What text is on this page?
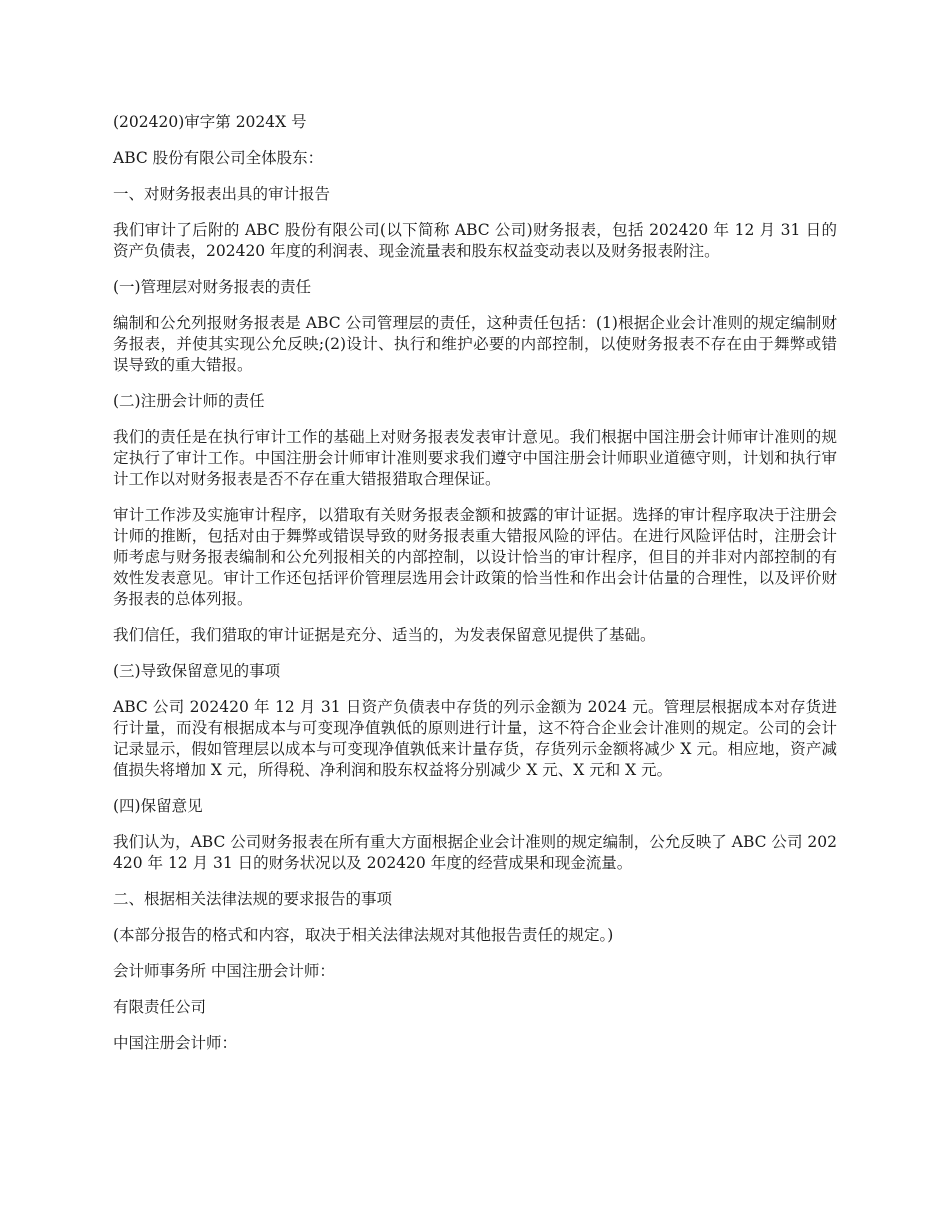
(202420)审字第 2024X 号

ABC 股份有限公司全体股东：

一、对财务报表出具的审计报告

我们审计了后附的 ABC 股份有限公司(以下简称 ABC 公司)财务报表，包括 202420 年 12 月 31 日的资产负债表，202420 年度的利润表、现金流量表和股东权益变动表以及财务报表附注。

(一)管理层对财务报表的责任

编制和公允列报财务报表是 ABC 公司管理层的责任，这种责任包括：(1)根据企业会计准则的规定编制财务报表，并使其实现公允反映;(2)设计、执行和维护必要的内部控制，以使财务报表不存在由于舞弊或错误导致的重大错报。

(二)注册会计师的责任

我们的责任是在执行审计工作的基础上对财务报表发表审计意见。我们根据中国注册会计师审计准则的规定执行了审计工作。中国注册会计师审计准则要求我们遵守中国注册会计师职业道德守则，计划和执行审计工作以对财务报表是否不存在重大错报猎取合理保证。

审计工作涉及实施审计程序，以猎取有关财务报表金额和披露的审计证据。选择的审计程序取决于注册会计师的推断，包括对由于舞弊或错误导致的财务报表重大错报风险的评估。在进行风险评估时，注册会计师考虑与财务报表编制和公允列报相关的内部控制，以设计恰当的审计程序，但目的并非对内部控制的有效性发表意见。审计工作还包括评价管理层选用会计政策的恰当性和作出会计估量的合理性，以及评价财务报表的总体列报。

我们信任，我们猎取的审计证据是充分、适当的，为发表保留意见提供了基础。

(三)导致保留意见的事项

ABC 公司 202420 年 12 月 31 日资产负债表中存货的列示金额为 2024 元。管理层根据成本对存货进行计量，而没有根据成本与可变现净值孰低的原则进行计量，这不符合企业会计准则的规定。公司的会计记录显示，假如管理层以成本与可变现净值孰低来计量存货，存货列示金额将减少 X 元。相应地，资产减值损失将增加 X 元，所得税、净利润和股东权益将分别减少 X 元、X 元和 X 元。

(四)保留意见

我们认为，ABC 公司财务报表在所有重大方面根据企业会计准则的规定编制，公允反映了 ABC 公司 202420 年 12 月 31 日的财务状况以及 202420 年度的经营成果和现金流量。

二、根据相关法律法规的要求报告的事项

(本部分报告的格式和内容，取决于相关法律法规对其他报告责任的规定。)

会计师事务所 中国注册会计师：

有限责任公司

中国注册会计师：
